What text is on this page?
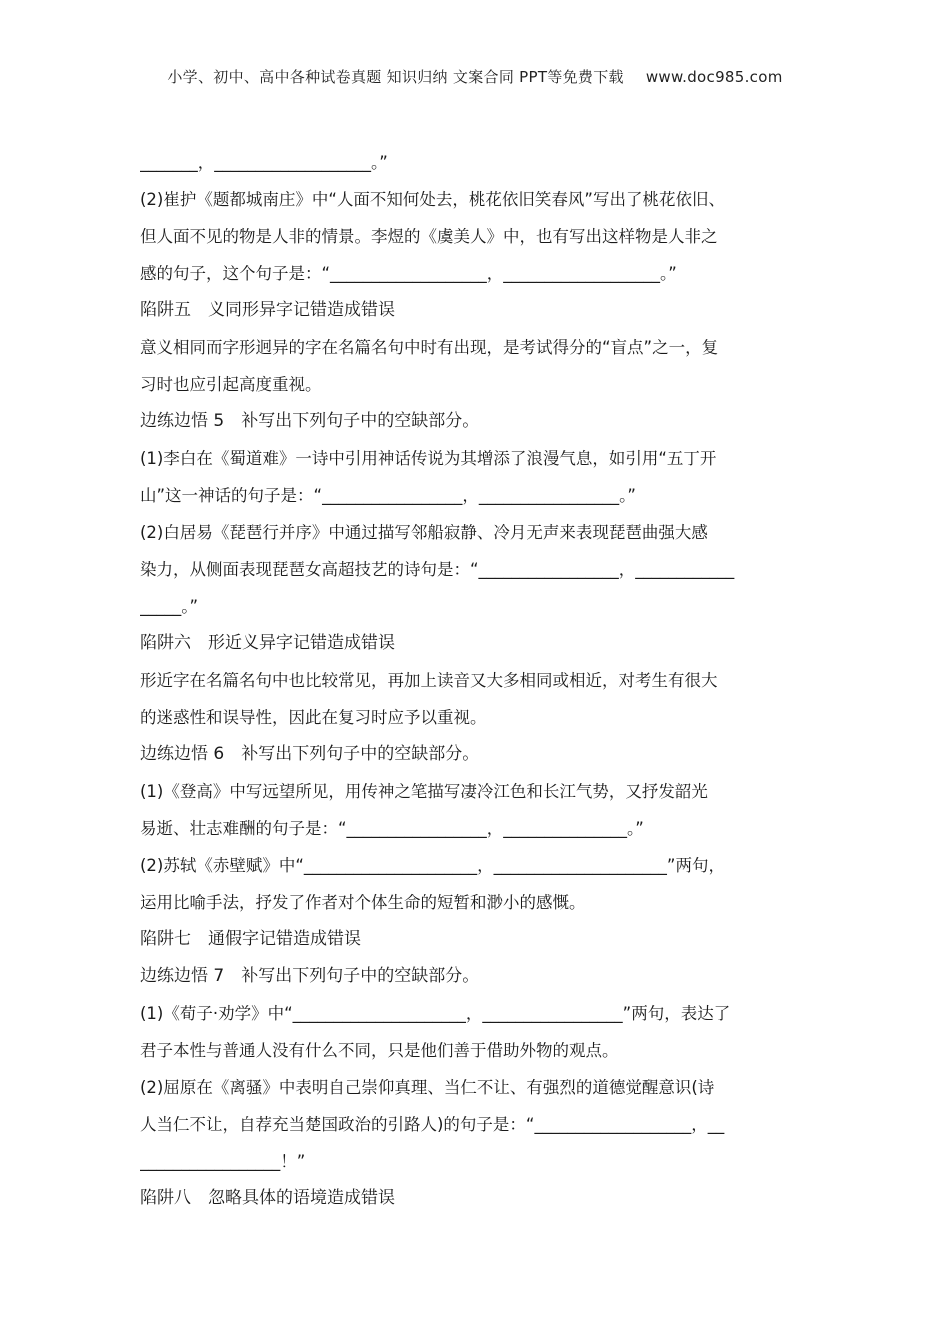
小学、初中、高中各种试卷真题 知识归纳 文案合同 PPT等免费下载 www.doc985.com
_______，___________________。”
(2)崔护《题都城南庄》中“人面不知何处去，桃花依旧笑春风”写出了桃花依旧、
但人面不见的物是人非的情景。李煜的《虞美人》中，也有写出这样物是人非之
感的句子，这个句子是：“___________________，___________________。”
陷阱五　义同形异字记错造成错误
意义相同而字形迥异的字在名篇名句中时有出现，是考试得分的“盲点”之一，复
习时也应引起高度重视。
边练边悟 5　补写出下列句子中的空缺部分。
(1)李白在《蜀道难》一诗中引用神话传说为其增添了浪漫气息，如引用“五丁开
山”这一神话的句子是：“_________________，_________________。”
(2)白居易《琵琶行并序》中通过描写邻船寂静、冷月无声来表现琵琶曲强大感
染力，从侧面表现琵琶女高超技艺的诗句是：“_________________，____________
_____。”
陷阱六　形近义异字记错造成错误
形近字在名篇名句中也比较常见，再加上读音又大多相同或相近，对考生有很大
的迷惑性和误导性，因此在复习时应予以重视。
边练边悟 6　补写出下列句子中的空缺部分。
(1)《登高》中写远望所见，用传神之笔描写凄冷江色和长江气势，又抒发韶光
易逝、壮志难酬的句子是：“_________________，_______________。”
(2)苏轼《赤壁赋》中“_____________________，_____________________”两句，
运用比喻手法，抒发了作者对个体生命的短暂和渺小的感慨。
陷阱七　通假字记错造成错误
边练边悟 7　补写出下列句子中的空缺部分。
(1)《荀子·劝学》中“_____________________，_________________”两句，表达了
君子本性与普通人没有什么不同，只是他们善于借助外物的观点。
(2)屈原在《离骚》中表明自己崇仰真理、当仁不让、有强烈的道德觉醒意识(诗
人当仁不让，自荐充当楚国政治的引路人)的句子是：“___________________，__
_________________！”
陷阱八　忽略具体的语境造成错误
